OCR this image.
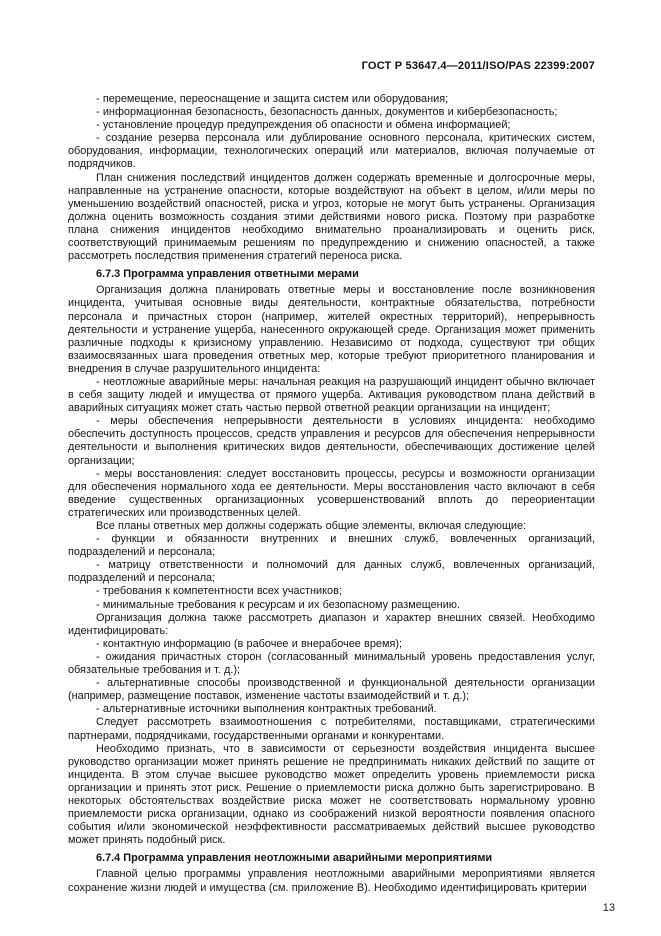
ГОСТ Р 53647.4—2011/ISO/PAS 22399:2007

- перемещение, переоснащение и защита систем или оборудования;

- информационная безопасность, безопасность данных, документов и кибербезопасность;

- установление процедур предупреждения об опасности и обмена информацией;

- создание резерва персонала или дублирование основного персонала, критических систем, оборудования, информации, технологических операций или материалов, включая получаемые от подрядчиков.

План снижения последствий инцидентов должен содержать временные и долгосрочные меры, направленные на устранение опасности, которые воздействуют на объект в целом, и/или меры по уменьшению воздействий опасностей, риска и угроз, которые не могут быть устранены. Организация должна оценить возможность создания этими действиями нового риска. Поэтому при разработке плана снижения инцидентов необходимо внимательно проанализировать и оценить риск, соответствующий принимаемым решениям по предупреждению и снижению опасностей, а также рассмотреть последствия применения стратегий переноса риска.

6.7.3 Программа управления ответными мерами

Организация должна планировать ответные меры и восстановление после возникновения инцидента, учитывая основные виды деятельности, контрактные обязательства, потребности персонала и причастных сторон (например, жителей окрестных территорий), непрерывность деятельности и устранение ущерба, нанесенного окружающей среде. Организация может применить различные подходы к кризисному управлению. Независимо от подхода, существуют три общих взаимосвязанных шага проведения ответных мер, которые требуют приоритетного планирования и внедрения в случае разрушительного инцидента:

- неотложные аварийные меры: начальная реакция на разрушающий инцидент обычно включает в себя защиту людей и имущества от прямого ущерба. Активация руководством плана действий в аварийных ситуациях может стать частью первой ответной реакции организации на инцидент;

- меры обеспечения непрерывности деятельности в условиях инцидента: необходимо обеспечить доступность процессов, средств управления и ресурсов для обеспечения непрерывности деятельности и выполнения критических видов деятельности, обеспечивающих достижение целей организации;

- меры восстановления: следует восстановить процессы, ресурсы и возможности организации для обеспечения нормального хода ее деятельности. Меры восстановления часто включают в себя введение существенных организационных усовершенствований вплоть до переориентации стратегических или производственных целей.

Все планы ответных мер должны содержать общие элементы, включая следующие:

- функции и обязанности внутренних и внешних служб, вовлеченных организаций, подразделений и персонала;

- матрицу ответственности и полномочий для данных служб, вовлеченных организаций, подразделений и персонала;

- требования к компетентности всех участников;

- минимальные требования к ресурсам и их безопасному размещению.

Организация должна также рассмотреть диапазон и характер внешних связей. Необходимо идентифицировать:

- контактную информацию (в рабочее и внерабочее время);

- ожидания причастных сторон (согласованный минимальный уровень предоставления услуг, обязательные требования и т. д.);

- альтернативные способы производственной и функциональной деятельности организации (например, размещение поставок, изменение частоты взаимодействий и т. д.);

- альтернативные источники выполнения контрактных требований.

Следует рассмотреть взаимоотношения с потребителями, поставщиками, стратегическими партнерами, подрядчиками, государственными органами и конкурентами.

Необходимо признать, что в зависимости от серьезности воздействия инцидента высшее руководство организации может принять решение не предпринимать никаких действий по защите от инцидента. В этом случае высшее руководство может определить уровень приемлемости риска организации и принять этот риск. Решение о приемлемости риска должно быть зарегистрировано. В некоторых обстоятельствах воздействие риска может не соответствовать нормальному уровню приемлемости риска организации, однако из соображений низкой вероятности появления опасного события и/или экономической неэффективности рассматриваемых действий высшее руководство может принять подобный риск.

6.7.4 Программа управления неотложными аварийными мероприятиями

Главной целью программы управления неотложными аварийными мероприятиями является сохранение жизни людей и имущества (см. приложение В). Необходимо идентифицировать критерии

13
